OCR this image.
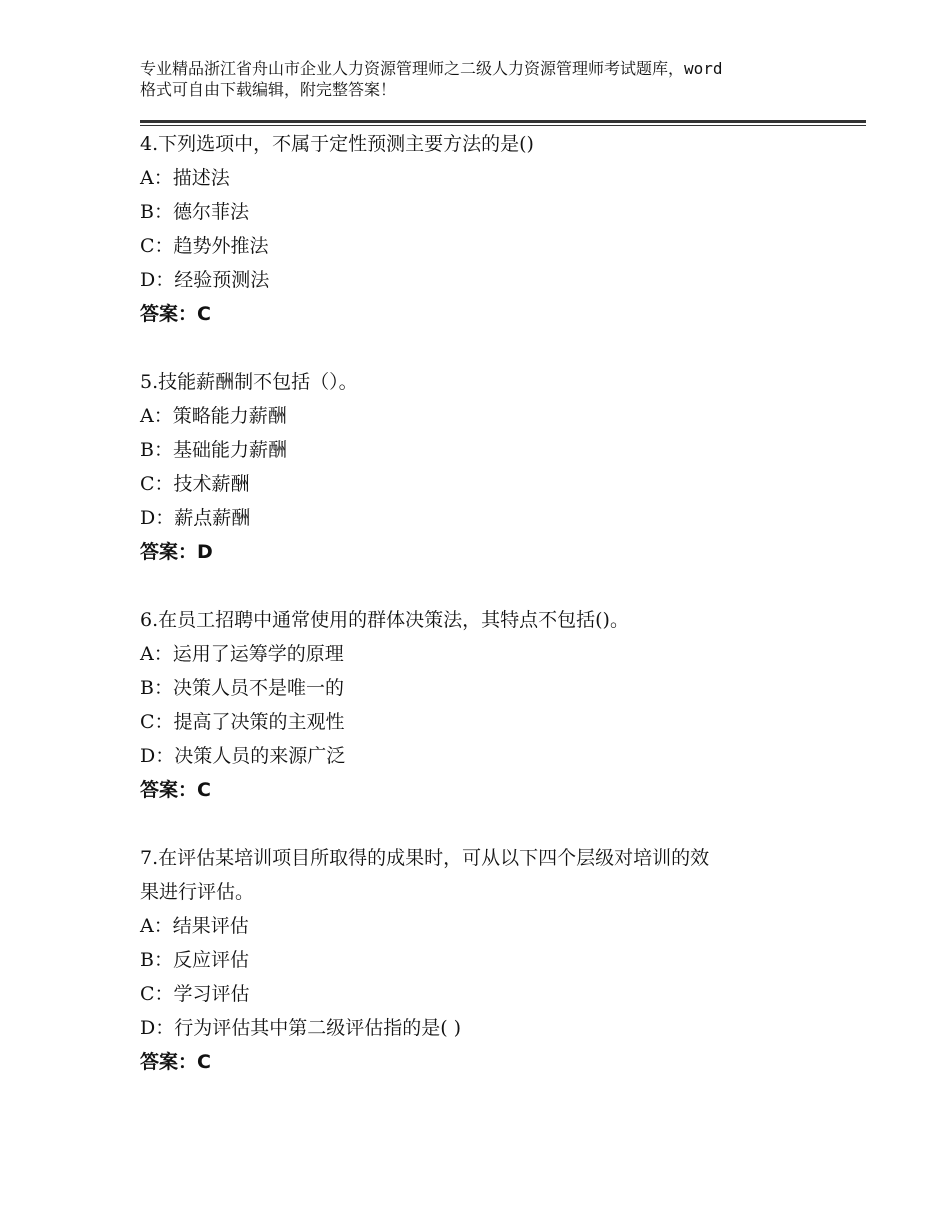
专业精品浙江省舟山市企业人力资源管理师之二级人力资源管理师考试题库，word
格式可自由下载编辑，附完整答案！
4.下列选项中，不属于定性预测主要方法的是()
A：描述法
B：德尔菲法
C：趋势外推法
D：经验预测法
答案：C
5.技能薪酬制不包括（）。
A：策略能力薪酬
B：基础能力薪酬
C：技术薪酬
D：薪点薪酬
答案：D
6.在员工招聘中通常使用的群体决策法，其特点不包括()。
A：运用了运筹学的原理
B：决策人员不是唯一的
C：提高了决策的主观性
D：决策人员的来源广泛
答案：C
7.在评估某培训项目所取得的成果时，可从以下四个层级对培训的效
果进行评估。
A：结果评估
B：反应评估
C：学习评估
D：行为评估其中第二级评估指的是( )
答案：C
